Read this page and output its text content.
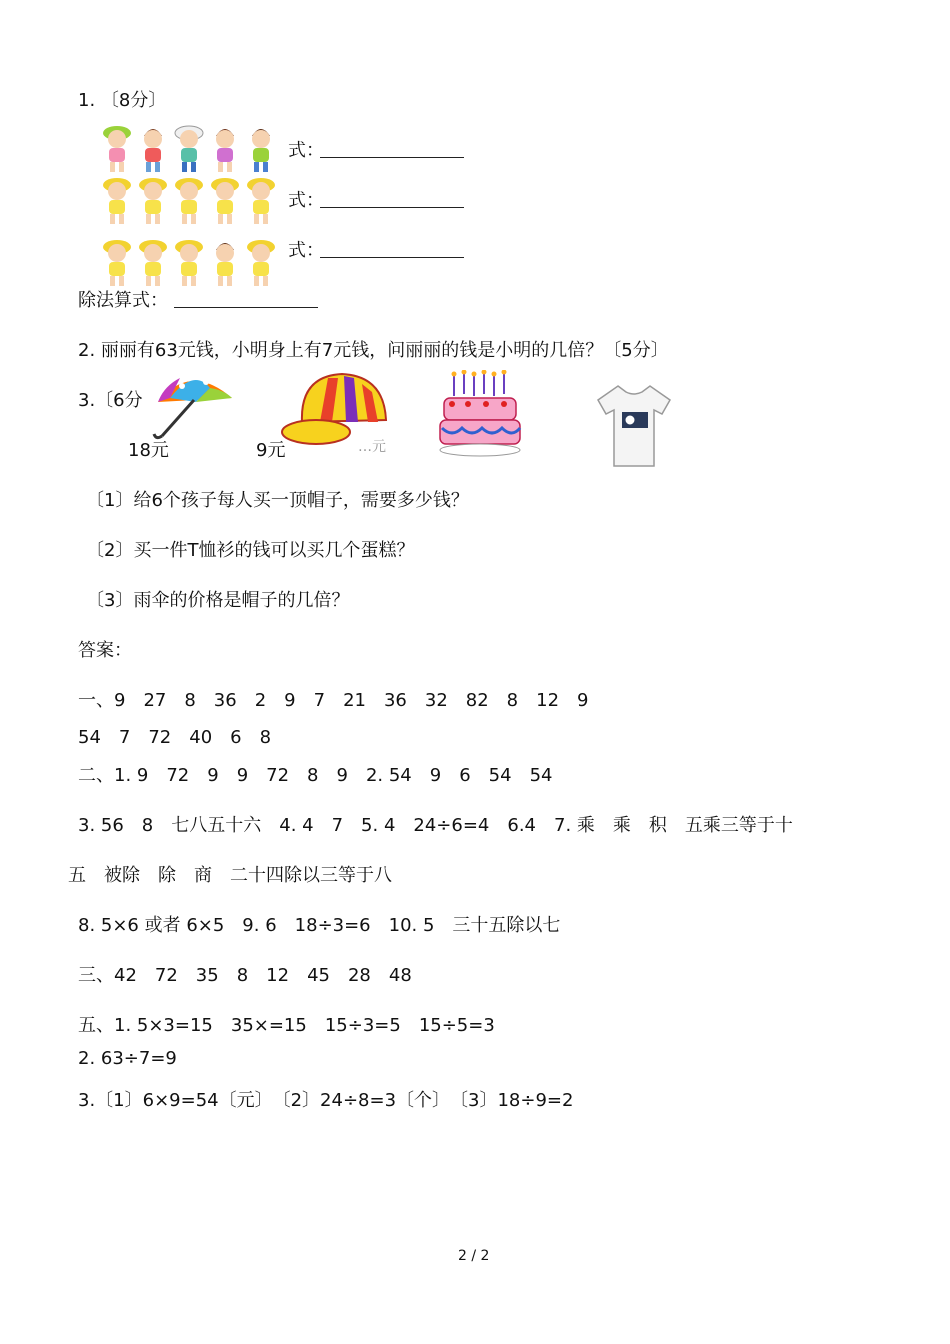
1. 〔8分〕
式：
式：
式：
除法算式：
2. 丽丽有63元钱，小明身上有7元钱，问丽丽的钱是小明的几倍？〔5分〕
3.〔6分
18元	9元	…元
〔1〕给6个孩子每人买一顶帽子，需要多少钱？
〔2〕买一件T恤衫的钱可以买几个蛋糕？
〔3〕雨伞的价格是帽子的几倍？
答案：
一、9　27　8　36　2　9　7　21　36　32　82　8　12　9
54　7　72　40　6　8
二、1. 9　72　9　9　72　8　9　2. 54　9　6　54　54
3. 56　8　七八五十六　4. 4　7　5. 4　24÷6=4　6.4　7. 乘　乘　积　五乘三等于十
五　被除　除　商　二十四除以三等于八
8. 5×6 或者 6×5　9. 6　18÷3=6　10. 5　三十五除以七
三、42　72　35　8　12　45　28　48
五、1. 5×3=15　35×=15　15÷3=5　15÷5=3
2. 63÷7=9
3.〔1〕6×9=54〔元〕　〔2〕24÷8=3〔个〕　〔3〕18÷9=2
2 / 2
